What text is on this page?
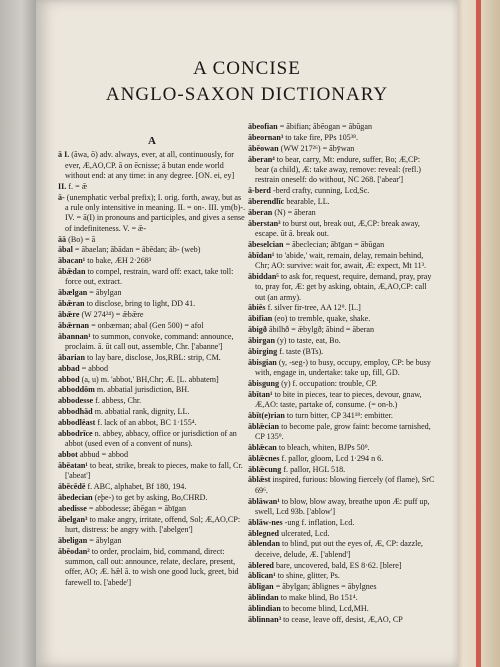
A CONCISE
ANGLO-SAXON DICTIONARY
A
ā I. (āwa, ō) adv. always, ever, at all, continuously, for ever, Æ,AO,CP. ā on ēcnisse; ā butan ende world without end: at any time: in any degree. [ON. ei, ey]
II. f. = ǣ
ā- (unemphatic verbal prefix); I. orig. forth, away, but as a rule only intensitive in meaning. II. = on-. III. ym(b)-. IV. = ā(I) in pronouns and participles, and gives a sense of indefiniteness. V. = ǣ-
āā (Bo) = ā
ābal = ābaelan; ābādan = ābēdan; āb- (web)
ābacan¹ to bake, ÆH 2·268³
ābǣdan to compel, restrain, ward off: exact, take toll: force out, extract.
ābælgan = ābylgan
ābǣran to disclose, bring to light, DD 41.
ābǣre (W 274²⁴) = ǣbǣre
ābǣrnan = onbærnan; abal (Gen 500) = afol
ābannan¹ to summon, convoke, command: announce, proclaim. ā. ūt call out, assemble, Chr. ['abanne']
ābarian to lay bare, disclose, Jos,RBL: strip, CM.
abbad = abbod
abbod (a, u) m. 'abbot,' BH,Chr; Æ. [L. abbatem]
abboddōm m. abbatial jurisdiction, BH.
abbodesse f. abbess, Chr.
abbodhād m. abbatial rank, dignity, LL.
abbodlēast f. lack of an abbot, BC 1·155⁴.
abbodrīce n. abbey, abbacy, office or jurisdiction of an abbot (used even of a convent of nuns).
abbot abbud = abbod
ābēatan¹ to beat, strike, break to pieces, make to fall, Cr. ['abeat']
ābēcēdē f. ABC, alphabet, Bf 180, 194.
ābedecian (eþe-) to get by asking, Bo,CHRD.
abedisse = abbodesse; ābēgan = ābīgan
ābelgan³ to make angry, irritate, offend, Sol; Æ,AO,CP: hurt, distress: be angry with. ['abelgen']
ābeligan = ābylgan
ābēodan² to order, proclaim, bid, command, direct: summon, call out: announce, relate, declare, present, offer, AO; Æ. hǣl ā. to wish one good luck, greet, bid farewell to. ['abede']
ābeofian = ābifian; ābēogan = ābūgan
ābeornan³ to take fire, PPs 105³⁸.
ābēowan (WW 217²⁶) = ābȳwan
āberan⁴ to bear, carry, Mt: endure, suffer, Bo; Æ,CP: bear (a child), Æ: take away, remove: reveal: (refl.) restrain oneself: do without, NC 268. ['abear']
ā-berd -berd crafty, cunning, Lcd,Sc.
āberendlīc bearable, LL.
āberan (N) = āberan
āberstan³ to burst out, break out, Æ,CP: break away, escape. ūt ā. break out.
ābeselcian = ābeclecian; ābīgan = ābūgan
ābīdan¹ to 'abide,' wait, remain, delay, remain behind, Chr; AO: survive: wait for, await, Æ: expect, Mt 11³.
ābiddan⁵ to ask for, request, require, demand, pray, pray to, pray for, Æ: get by asking, obtain, Æ,AO,CP: call out (an army).
ābiēs f. silver fir-tree, AA 12⁹. [L.]
ābifian (eo) to tremble, quake, shake.
ābigð ābilhð = ǣbylgð; ābind = āberan
ābirgan (y) to taste, eat, Bo.
ābirging f. taste (BTs).
ābisgian (y, -seg-) to busy, occupy, employ, CP: be busy with, engage in, undertake: take up, fill, GD.
ābisgung (y) f. occupation: trouble, CP.
ābītan¹ to bite in pieces, tear to pieces, devour, gnaw, Æ,AO: taste, partake of, consume. (= on-b.)
ābīt(e)rian to turn bitter, CP 341¹⁸: embitter.
āblǣcian to become pale, grow faint: become tarnished, CP 135⁹.
āblǣcan to bleach, whiten, BJPs 50⁹.
āblǣcnes f. pallor, gloom, Lcd 1·294 n 6.
āblǣcung f. pallor, HGL 518.
āblǣst inspired, furious: blowing fiercely (of flame), SrC 69⁶.
āblāwan¹ to blow, blow away, breathe upon Æ: puff up, swell, Lcd 93b. ['ablow']
āblāw-nes -ung f. inflation, Lcd.
āblegned ulcerated, Lcd.
āblendan to blind, put out the eyes of, Æ, CP: dazzle, deceive, delude, Æ. ['ablend']
āblered bare, uncovered, bald, ES 8·62. [blere]
āblīcan¹ to shine, glitter, Ps.
āblīgan = ābylgan; āblignes = ābylgnes
āblindan to make blind, Bo 151⁴.
āblindian to become blind, Lcd,MH.
āblinnan³ to cease, leave off, desist, Æ,AO, CP
